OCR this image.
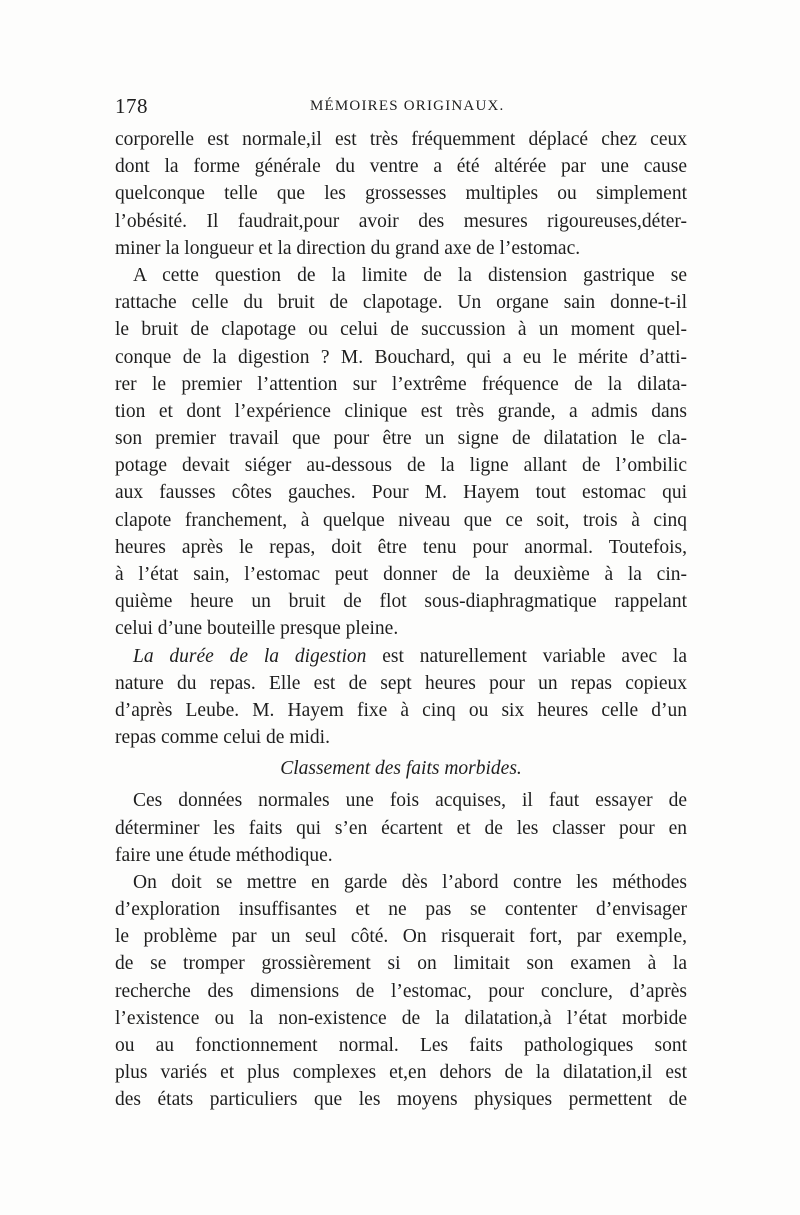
178	MÉMOIRES ORIGINAUX.
corporelle est normale,il est très fréquemment déplacé chez ceux
dont la forme générale du ventre a été altérée par une cause
quelconque telle que les grossesses multiples ou simplement
l’obésité. Il faudrait,pour avoir des mesures rigoureuses,déter-
miner la longueur et la direction du grand axe de l’estomac.
A cette question de la limite de la distension gastrique se
rattache celle du bruit de clapotage. Un organe sain donne-t-il
le bruit de clapotage ou celui de succussion à un moment quel-
conque de la digestion ? M. Bouchard, qui a eu le mérite d’atti-
rer le premier l’attention sur l’extrême fréquence de la dilata-
tion et dont l’expérience clinique est très grande, a admis dans
son premier travail que pour être un signe de dilatation le cla-
potage devait siéger au-dessous de la ligne allant de l’ombilic
aux fausses côtes gauches. Pour M. Hayem tout estomac qui
clapote franchement, à quelque niveau que ce soit, trois à cinq
heures après le repas, doit être tenu pour anormal. Toutefois,
à l’état sain, l’estomac peut donner de la deuxième à la cin-
quième heure un bruit de flot sous-diaphragmatique rappelant
celui d’une bouteille presque pleine.
La durée de la digestion est naturellement variable avec la
nature du repas. Elle est de sept heures pour un repas copieux
d’après Leube. M. Hayem fixe à cinq ou six heures celle d’un
repas comme celui de midi.
Classement des faits morbides.
Ces données normales une fois acquises, il faut essayer de
déterminer les faits qui s’en écartent et de les classer pour en
faire une étude méthodique.
On doit se mettre en garde dès l’abord contre les méthodes
d’exploration insuffisantes et ne pas se contenter d’envisager
le problème par un seul côté. On risquerait fort, par exemple,
de se tromper grossièrement si on limitait son examen à la
recherche des dimensions de l’estomac, pour conclure, d’après
l’existence ou la non-existence de la dilatation,à l’état morbide
ou au fonctionnement normal. Les faits pathologiques sont
plus variés et plus complexes et,en dehors de la dilatation,il est
des états particuliers que les moyens physiques permettent de
